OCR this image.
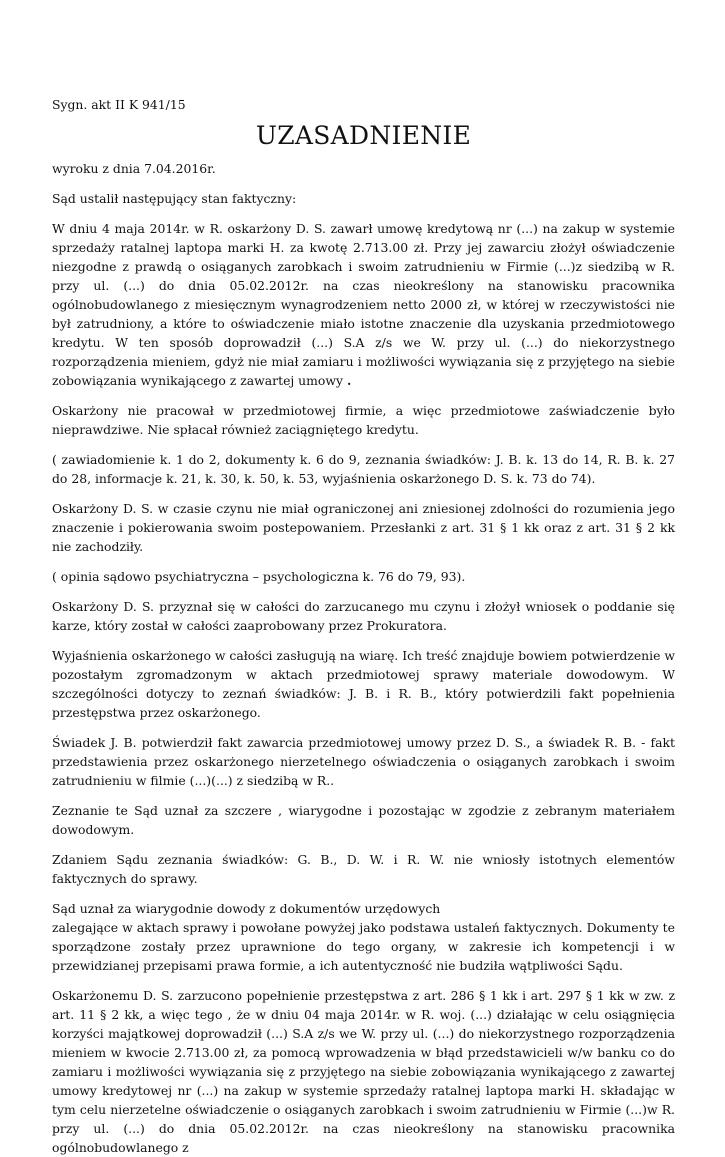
Sygn. akt II K 941/15
UZASADNIENIE
wyroku z dnia 7.04.2016r.

Sąd ustalił następujący stan faktyczny:

W dniu 4 maja 2014r. w R. oskarżony D. S. zawarł umowę kredytową nr (...) na zakup w systemie sprzedaży ratalnej laptopa marki H. za kwotę 2.713.00 zł. Przy jej zawarciu złożył oświadczenie niezgodne z prawdą o osiąganych zarobkach i swoim zatrudnieniu w Firmie (...)z siedzibą w R. przy ul. (...) do dnia 05.02.2012r. na czas nieokreślony na stanowisku pracownika ogólnobudowlanego z miesięcznym wynagrodzeniem netto 2000 zł, w której w rzeczywistości nie był zatrudniony, a które to oświadczenie miało istotne znaczenie dla uzyskania przedmiotowego kredytu. W ten sposób doprowadził (...) S.A z/s we W. przy ul. (...) do niekorzystnego rozporządzenia mieniem, gdyż nie miał zamiaru i możliwości wywiązania się z przyjętego na siebie zobowiązania wynikającego z zawartej umowy .

Oskarżony nie pracował w przedmiotowej firmie, a więc przedmiotowe zaświadczenie było nieprawdziwe. Nie spłacał również zaciągniętego kredytu.

( zawiadomienie k. 1 do 2, dokumenty k. 6 do 9, zeznania świadków: J. B. k. 13 do 14, R. B. k. 27 do 28, informacje k. 21, k. 30, k. 50, k. 53, wyjaśnienia oskarżonego D. S. k. 73 do 74).

Oskarżony D. S. w czasie czynu nie miał ograniczonej ani zniesionej zdolności do rozumienia jego znaczenie i pokierowania swoim postepowaniem. Przesłanki z art. 31 § 1 kk oraz z art. 31 § 2 kk nie zachodziły.

( opinia sądowo psychiatryczna – psychologiczna k. 76 do 79, 93).

Oskarżony D. S. przyznał się w całości do zarzucanego mu czynu i złożył wniosek o poddanie się karze, który został w całości zaaprobowany przez Prokuratora.

Wyjaśnienia oskarżonego w całości zasługują na wiarę. Ich treść znajduje bowiem potwierdzenie w pozostałym zgromadzonym w aktach przedmiotowej sprawy materiale dowodowym. W szczególności dotyczy to zeznań świadków: J. B. i R. B., który potwierdzili fakt popełnienia przestępstwa przez oskarżonego.

Świadek J. B. potwierdził fakt zawarcia przedmiotowej umowy przez D. S., a świadek R. B. - fakt przedstawienia przez oskarżonego nierzetelnego oświadczenia o osiąganych zarobkach i swoim zatrudnieniu w filmie (...)(...) z siedzibą w R..

Zeznanie te Sąd uznał za szczere , wiarygodne i pozostając w zgodzie z zebranym materiałem dowodowym.

Zdaniem Sądu zeznania świadków: G. B., D. W. i R. W. nie wniosły istotnych elementów faktycznych do sprawy.

Sąd uznał za wiarygodnie dowody z dokumentów urzędowych

zalegające w aktach sprawy i powołane powyżej jako podstawa ustaleń faktycznych. Dokumenty te sporządzone zostały przez uprawnione do tego organy, w zakresie ich kompetencji i w przewidzianej przepisami prawa formie, a ich autentyczność nie budziła wątpliwości Sądu.

Oskarżonemu D. S. zarzucono popełnienie przestępstwa z art. 286 § 1 kk i art. 297 § 1 kk w zw. z art. 11 § 2 kk, a więc tego , że w dniu 04 maja 2014r. w R. woj. (...) działając w celu osiągnięcia korzyści majątkowej doprowadził (...) S.A z/s we W. przy ul. (...) do niekorzystnego rozporządzenia mieniem w kwocie 2.713.00 zł, za pomocą wprowadzenia w błąd przedstawicieli w/w banku co do zamiaru i możliwości wywiązania się z przyjętego na siebie zobowiązania wynikającego z zawartej umowy kredytowej nr (...) na zakup w systemie sprzedaży ratalnej laptopa marki H. składając w tym celu nierzetelne oświadczenie o osiąganych zarobkach i swoim zatrudnieniu w Firmie (...)w R. przy ul. (...) do dnia 05.02.2012r. na czas nieokreślony na stanowisku pracownika ogólnobudowlanego z
